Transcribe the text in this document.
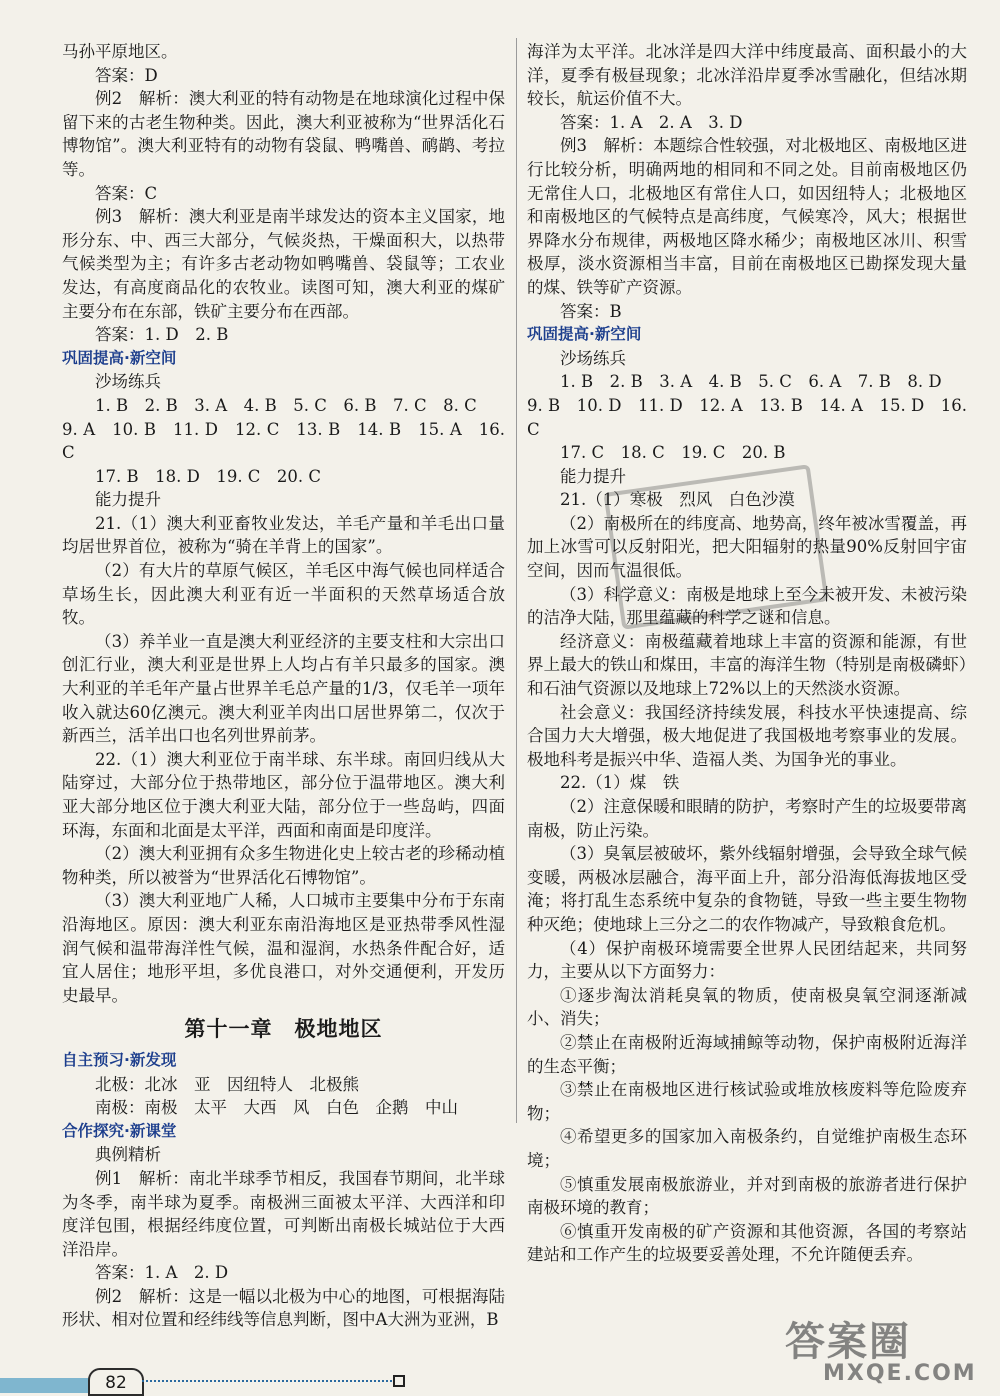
马孙平原地区。

答案：D

例2　解析：澳大利亚的特有动物是在地球演化过程中保留下来的古老生物种类。因此，澳大利亚被称为“世界活化石博物馆”。澳大利亚特有的动物有袋鼠、鸭嘴兽、鸸鹋、考拉等。

答案：C

例3　解析：澳大利亚是南半球发达的资本主义国家，地形分东、中、西三大部分，气候炎热，干燥面积大，以热带气候类型为主；有许多古老动物如鸭嘴兽、袋鼠等；工农业发达，有高度商品化的农牧业。读图可知，澳大利亚的煤矿主要分布在东部，铁矿主要分布在西部。

答案：1. D　2. B

巩固提高·新空间

沙场练兵

1. B　2. B　3. A　4. B　5. C　6. B　7. C　8. C

9. A　10. B　11. D　12. C　13. B　14. B　15. A　16. C

17. B　18. D　19. C　20. C

能力提升

21.（1）澳大利亚畜牧业发达，羊毛产量和羊毛出口量均居世界首位，被称为“骑在羊背上的国家”。

（2）有大片的草原气候区，羊毛区中海气候也同样适合草场生长，因此澳大利亚有近一半面积的天然草场适合放牧。

（3）养羊业一直是澳大利亚经济的主要支柱和大宗出口创汇行业，澳大利亚是世界上人均占有羊只最多的国家。澳大利亚的羊毛年产量占世界羊毛总产量的1/3，仅毛羊一项年收入就达60亿澳元。澳大利亚羊肉出口居世界第二，仅次于新西兰，活羊出口也名列世界前茅。

22.（1）澳大利亚位于南半球、东半球。南回归线从大陆穿过，大部分位于热带地区，部分位于温带地区。澳大利亚大部分地区位于澳大利亚大陆，部分位于一些岛屿，四面环海，东面和北面是太平洋，西面和南面是印度洋。

（2）澳大利亚拥有众多生物进化史上较古老的珍稀动植物种类，所以被誉为“世界活化石博物馆”。

（3）澳大利亚地广人稀，人口城市主要集中分布于东南沿海地区。原因：澳大利亚东南沿海地区是亚热带季风性湿润气候和温带海洋性气候，温和湿润，水热条件配合好，适宜人居住；地形平坦，多优良港口，对外交通便利，开发历史最早。

第十一章 极地地区

自主预习·新发现

北极：北冰　亚　因纽特人　北极熊

南极：南极　太平　大西　风　白色　企鹅　中山

合作探究·新课堂

典例精析

例1　解析：南北半球季节相反，我国春节期间，北半球为冬季，南半球为夏季。南极洲三面被太平洋、大西洋和印度洋包围，根据经纬度位置，可判断出南极长城站位于大西洋沿岸。

答案：1. A　2. D

例2　解析：这是一幅以北极为中心的地图，可根据海陆形状、相对位置和经纬线等信息判断，图中A大洲为亚洲，B

海洋为太平洋。北冰洋是四大洋中纬度最高、面积最小的大洋，夏季有极昼现象；北冰洋沿岸夏季冰雪融化，但结冰期较长，航运价值不大。

答案：1. A　2. A　3. D

例3　解析：本题综合性较强，对北极地区、南极地区进行比较分析，明确两地的相同和不同之处。目前南极地区仍无常住人口，北极地区有常住人口，如因纽特人；北极地区和南极地区的气候特点是高纬度，气候寒冷，风大；根据世界降水分布规律，两极地区降水稀少；南极地区冰川、积雪极厚，淡水资源相当丰富，目前在南极地区已勘探发现大量的煤、铁等矿产资源。

答案：B

巩固提高·新空间

沙场练兵

1. B　2. B　3. A　4. B　5. C　6. A　7. B　8. D

9. B　10. D　11. D　12. A　13. B　14. A　15. D　16. C

17. C　18. C　19. C　20. B

能力提升

21.（1）寒极　烈风　白色沙漠

（2）南极所在的纬度高、地势高，终年被冰雪覆盖，再加上冰雪可以反射阳光，把大阳辐射的热量90%反射回宇宙空间，因而气温很低。

（3）科学意义：南极是地球上至今未被开发、未被污染的洁净大陆，那里蕴藏的科学之谜和信息。

经济意义：南极蕴藏着地球上丰富的资源和能源，有世界上最大的铁山和煤田，丰富的海洋生物（特别是南极磷虾）和石油气资源以及地球上72%以上的天然淡水资源。

社会意义：我国经济持续发展，科技水平快速提高、综合国力大大增强，极大地促进了我国极地考察事业的发展。极地科考是振兴中华、造福人类、为国争光的事业。

22.（1）煤　铁

（2）注意保暖和眼睛的防护，考察时产生的垃圾要带离南极，防止污染。

（3）臭氧层被破坏，紫外线辐射增强，会导致全球气候变暖，两极冰层融合，海平面上升，部分沿海低海拔地区受淹；将打乱生态系统中复杂的食物链，导致一些主要生物物种灭绝；使地球上三分之二的农作物减产，导致粮食危机。

（4）保护南极环境需要全世界人民团结起来，共同努力，主要从以下方面努力：

①逐步淘汰消耗臭氧的物质，使南极臭氧空洞逐渐减小、消失；

②禁止在南极附近海域捕鲸等动物，保护南极附近海洋的生态平衡；

③禁止在南极地区进行核试验或堆放核废料等危险废弃物；

④希望更多的国家加入南极条约，自觉维护南极生态环境；

⑤慎重发展南极旅游业，并对到南极的旅游者进行保护南极环境的教育；

⑥慎重开发南极的矿产资源和其他资源，各国的考察站建站和工作产生的垃圾要妥善处理，不允许随便丢弃。

82
答案圈
MXQE.COM
